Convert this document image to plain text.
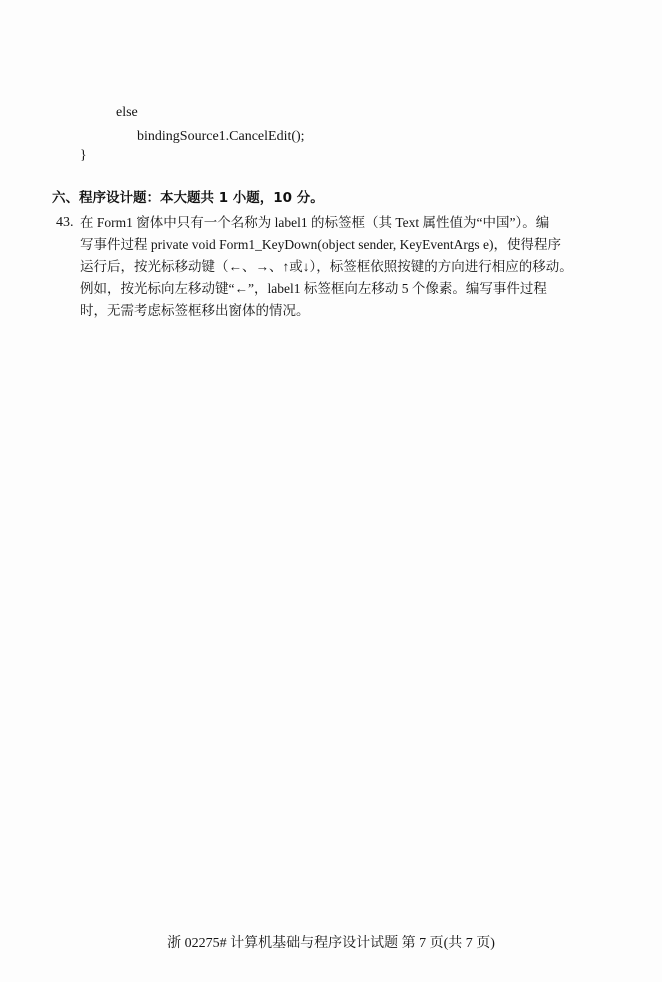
else
bindingSource1.CancelEdit();
}
六、程序设计题：本大题共 1 小题，10 分。
43. 在 Form1 窗体中只有一个名称为 label1 的标签框（其 Text 属性值为“中国”）。编
写事件过程 private void Form1_KeyDown(object sender, KeyEventArgs e)，使得程序
运行后，按光标移动键（←、→、↑或↓），标签框依照按键的方向进行相应的移动。
例如，按光标向左移动键“←”，label1 标签框向左移动 5 个像素。编写事件过程
时，无需考虑标签框移出窗体的情况。
浙 02275# 计算机基础与程序设计试题 第 7 页(共 7 页)
